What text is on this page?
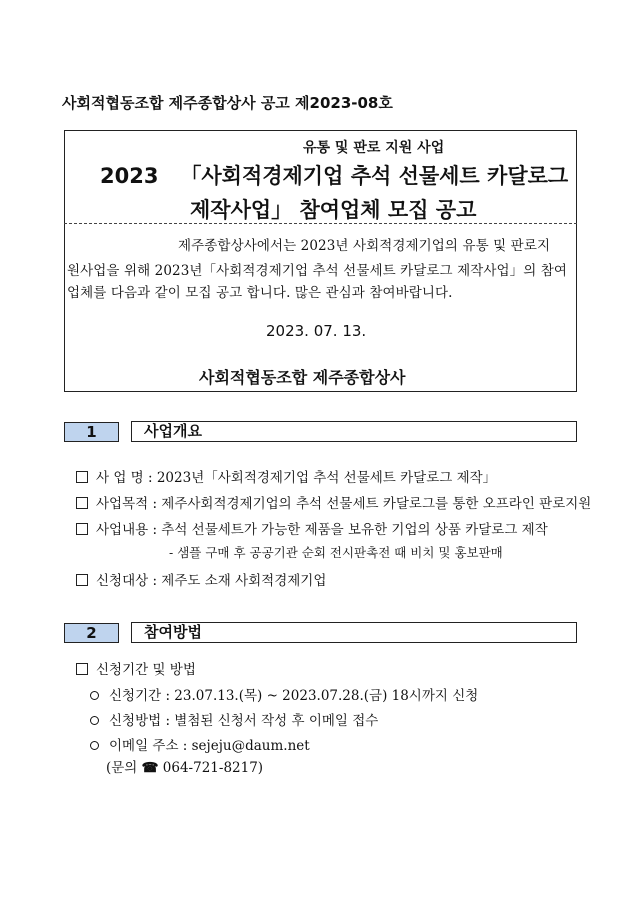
사회적협동조합 제주종합상사 공고 제2023-08호
유통 및 판로 지원 사업
2023   「사회적경제기업 추석 선물세트 카달로그
제작사업」 참여업체 모집 공고
제주종합상사에서는 2023년 사회적경제기업의 유통 및 판로지
원사업을 위해 2023년「사회적경제기업 추석 선물세트 카달로그 제작사업」의 참여
업체를 다음과 같이 모집 공고 합니다. 많은 관심과 참여바랍니다.
2023. 07. 13.
사회적협동조합 제주종합상사
1	사업개요
사 업 명 : 2023년「사회적경제기업 추석 선물세트 카달로그 제작」
사업목적 : 제주사회적경제기업의 추석 선물세트 카달로그를 통한 오프라인 판로지원
사업내용 : 추석 선물세트가 가능한 제품을 보유한 기업의 상품 카달로그 제작
- 샘플 구매 후 공공기관 순회 전시판촉전 때 비치 및 홍보판매
신청대상 : 제주도 소재 사회적경제기업
2	참여방법
신청기간 및 방법
신청기간 : 23.07.13.(목) ~ 2023.07.28.(금) 18시까지 신청
신청방법 : 별첨된 신청서 작성 후 이메일 접수
이메일 주소 : sejeju@daum.net
(문의 ☎ 064-721-8217)
